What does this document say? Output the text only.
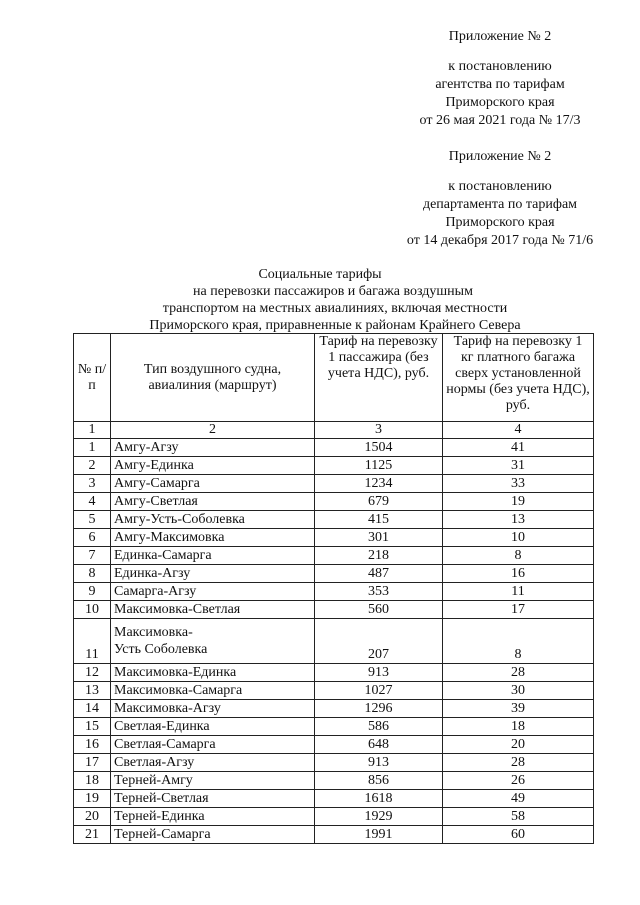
Приложение № 2

к постановлению

агентства по тарифам

Приморского края

от 26 мая 2021 года № 17/3

Приложение № 2

к постановлению

департамента по тарифам

Приморского края

от 14 декабря 2017 года № 71/6

Социальные тарифы
на перевозки пассажиров и багажа воздушным
транспортом на местных авиалиниях, включая местности
Приморского края, приравненные к районам Крайнего Севера
№ п/п	Тип воздушного судна, авиалиния (маршрут)	Тариф на перевозку 1 пассажира (без учета НДС), руб.	Тариф на перевозку 1 кг платного багажа сверх установленной нормы (без учета НДС), руб.
1	2	3	4
1	Амгу-Агзу	1504	41
2	Амгу-Единка	1125	31
3	Амгу-Самарга	1234	33
4	Амгу-Светлая	679	19
5	Амгу-Усть-Соболевка	415	13
6	Амгу-Максимовка	301	10
7	Единка-Самарга	218	8
8	Единка-Агзу	487	16
9	Самарга-Агзу	353	11
10	Максимовка-Светлая	560	17
11	Максимовка-
Усть Соболевка	207	8
12	Максимовка-Единка	913	28
13	Максимовка-Самарга	1027	30
14	Максимовка-Агзу	1296	39
15	Светлая-Единка	586	18
16	Светлая-Самарга	648	20
17	Светлая-Агзу	913	28
18	Терней-Амгу	856	26
19	Терней-Светлая	1618	49
20	Терней-Единка	1929	58
21	Терней-Самарга	1991	60
